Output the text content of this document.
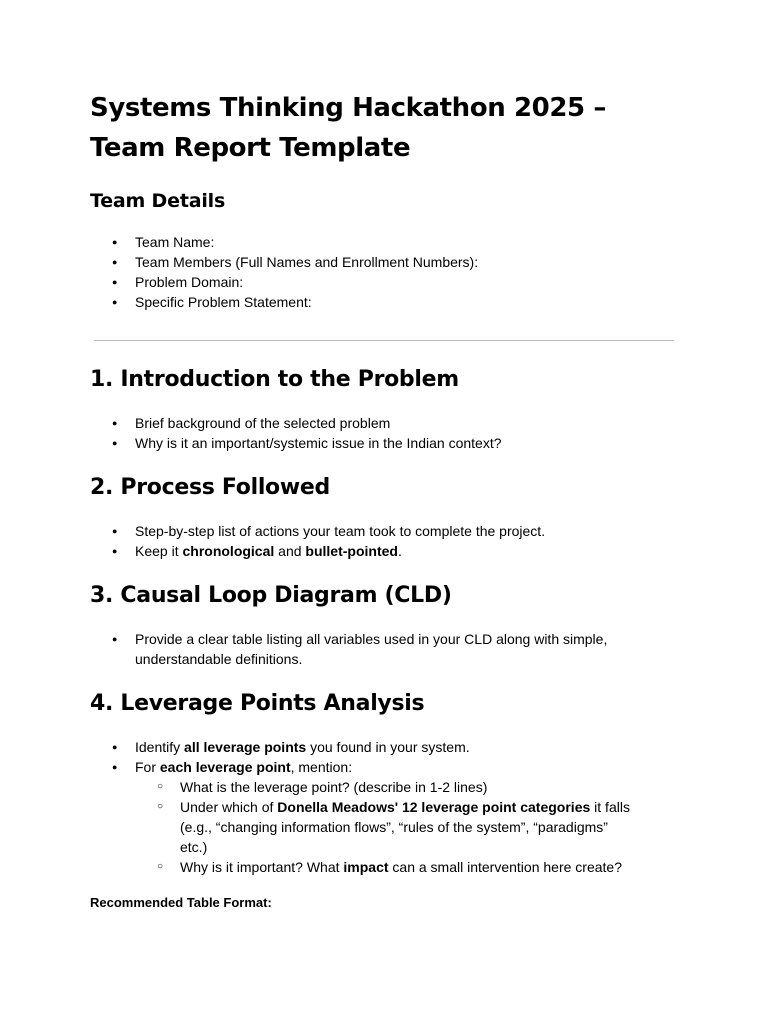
Systems Thinking Hackathon 2025 –
Team Report Template
Team Details
● Team Name:
● Team Members (Full Names and Enrollment Numbers):
● Problem Domain:
● Specific Problem Statement:
1. Introduction to the Problem
● Brief background of the selected problem
● Why is it an important/systemic issue in the Indian context?
2. Process Followed
● Step-by-step list of actions your team took to complete the project.
● Keep it chronological and bullet-pointed.
3. Causal Loop Diagram (CLD)
● Provide a clear table listing all variables used in your CLD along with simple,
understandable definitions.
4. Leverage Points Analysis
● Identify all leverage points you found in your system.
● For each leverage point, mention:
○ What is the leverage point? (describe in 1-2 lines)
○ Under which of Donella Meadows' 12 leverage point categories it falls
(e.g., “changing information flows”, “rules of the system”, “paradigms”
etc.)
○ Why is it important? What impact can a small intervention here create?
Recommended Table Format:
